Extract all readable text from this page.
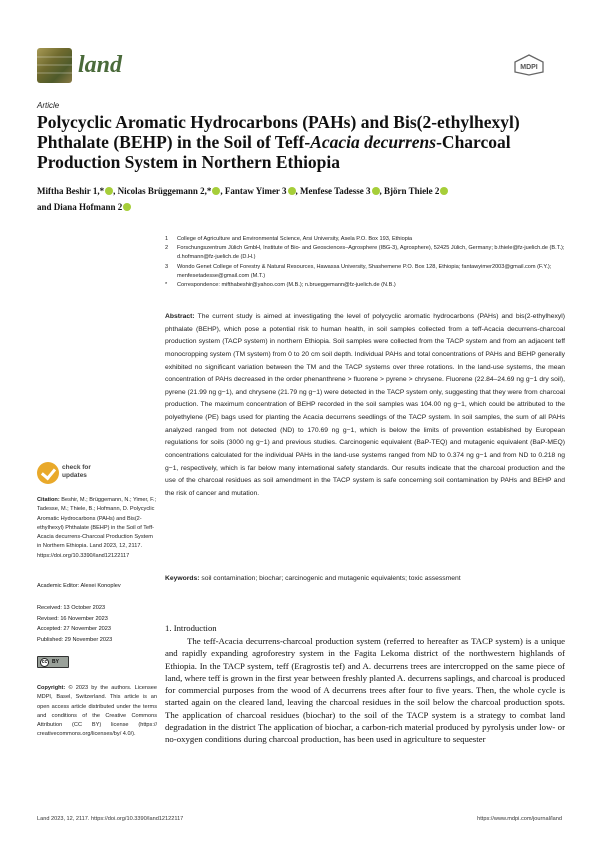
land	MDPI
Article
Polycyclic Aromatic Hydrocarbons (PAHs) and Bis(2-ethylhexyl) Phthalate (BEHP) in the Soil of Teff-Acacia decurrens-Charcoal Production System in Northern Ethiopia
Miftha Beshir 1,* , Nicolas Brüggemann 2,* , Fantaw Yimer 3 , Menfese Tadesse 3 , Björn Thiele 2
and Diana Hofmann 2
1	College of Agriculture and Environmental Science, Arsi University, Asela P.O. Box 193, Ethiopia
2	Forschungszentrum Jülich GmbH, Institute of Bio- and Geosciences–Agrosphere (IBG-3), Agrosphere), 52425 Jülich, Germany; b.thiele@fz-juelich.de (B.T.); d.hofmann@fz-juelich.de (D.H.)
3	Wondo Genet College of Forestry & Natural Resources, Hawassa University, Shashemene P.O. Box 128, Ethiopia; fantawyimer2003@gmail.com (F.Y.); menfesetadesse@gmail.com (M.T.)
*	Correspondence: mifthabeshir@yahoo.com (M.B.); n.brueggemann@fz-juelich.de (N.B.)
Abstract: The current study is aimed at investigating the level of polycyclic aromatic hydrocarbons (PAHs) and bis(2-ethylhexyl) phthalate (BEHP), which pose a potential risk to human health, in soil samples collected from a teff-Acacia decurrens-charcoal production system (TACP system) in northern Ethiopia. Soil samples were collected from the TACP system and from an adjacent teff monocropping system (TM system) from 0 to 20 cm soil depth. Individual PAHs and total concentrations of PAHs and BEHP generally exhibited no significant variation between the TM and the TACP systems over three rotations. In the land-use systems, the mean concentration of PAHs decreased in the order phenanthrene > fluorene > pyrene > chrysene. Fluorene (22.84–24.69 ng g−1 dry soil), pyrene (21.99 ng g−1), and chrysene (21.79 ng g−1) were detected in the TACP system only, suggesting that they were from charcoal production. The maximum concentration of BEHP recorded in the soil samples was 104.00 ng g−1, which could be attributed to the polyethylene (PE) bags used for planting the Acacia decurrens seedlings of the TACP system. In soil samples, the sum of all PAHs analyzed ranged from not detected (ND) to 170.69 ng g−1, which is below the limits of prevention established by European regulations for soils (3000 ng g−1) and previous studies. Carcinogenic equivalent (BaP-TEQ) and mutagenic equivalent (BaP-MEQ) concentrations calculated for the individual PAHs in the land-use systems ranged from ND to 0.374 ng g−1 and from ND to 0.218 ng g−1, respectively, which is far below many international safety standards. Our results indicate that the charcoal production and the use of the charcoal residues as soil amendment in the TACP system is safe concerning soil contamination by PAHs and BEHP and the risk of cancer and mutation.
Keywords: soil contamination; biochar; carcinogenic and mutagenic equivalents; toxic assessment
check for
updates
Citation: Beshir, M.; Brüggemann, N.; Yimer, F.; Tadesse, M.; Thiele, B.; Hofmann, D. Polycyclic Aromatic Hydrocarbons (PAHs) and Bis(2-ethylhexyl) Phthalate (BEHP) in the Soil of Teff-Acacia decurrens-Charcoal Production System in Northern Ethiopia. Land 2023, 12, 2117. https://doi.org/10.3390/land12122117
Academic Editor: Alexei Konoplev
Received: 13 October 2023
Revised: 16 November 2023
Accepted: 27 November 2023
Published: 29 November 2023
cc BY
Copyright: © 2023 by the authors. Licensee MDPI, Basel, Switzerland. This article is an open access article distributed under the terms and conditions of the Creative Commons Attribution (CC BY) license (https:// creativecommons.org/licenses/by/ 4.0/).
1. Introduction
The teff-Acacia decurrens-charcoal production system (referred to hereafter as TACP system) is a unique and rapidly expanding agroforestry system in the Fagita Lekoma district of the northwestern highlands of Ethiopia. In the TACP system, teff (Eragrostis tef) and A. decurrens trees are intercropped on the same piece of land, where teff is grown in the first year between freshly planted A. decurrens saplings, and charcoal is produced for commercial purposes from the wood of A decurrens trees after four to five years. Then, the whole cycle is started again on the cleared land, leaving the charcoal residues in the soil below the charcoal production spots. The application of charcoal residues (biochar) to the soil of the TACP system is a strategy to combat land degradation in the district The application of biochar, a carbon-rich material produced by pyrolysis under low- or no-oxygen conditions during charcoal production, has been used in agriculture to sequester
Land 2023, 12, 2117. https://doi.org/10.3390/land12122117	https://www.mdpi.com/journal/land
